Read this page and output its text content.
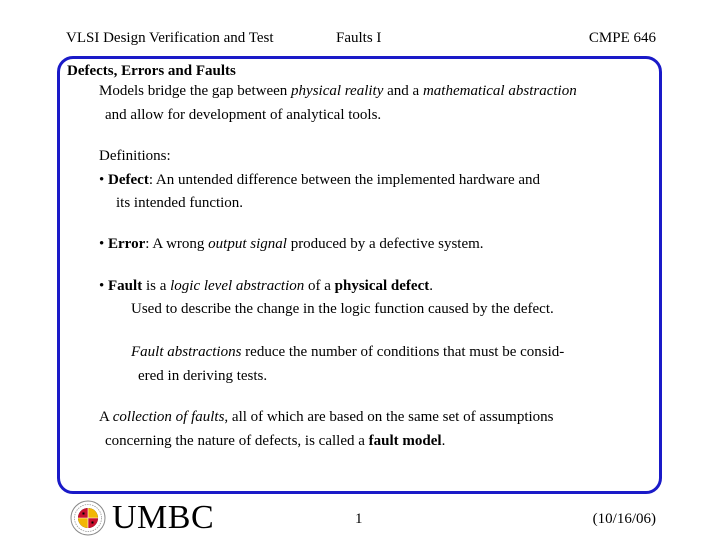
VLSI Design Verification and Test	Faults I	CMPE 646
Defects, Errors and Faults
Models bridge the gap between physical reality and a mathematical abstraction
and allow for development of analytical tools.
Definitions:
• Defect: An untended difference between the implemented hardware and
its intended function.
• Error: A wrong output signal produced by a defective system.
• Fault is a logic level abstraction of a physical defect.
Used to describe the change in the logic function caused by the defect.
Fault abstractions reduce the number of conditions that must be consid-
ered in deriving tests.
A collection of faults, all of which are based on the same set of assumptions
concerning the nature of defects, is called a fault model.
UMBC	1	(10/16/06)
